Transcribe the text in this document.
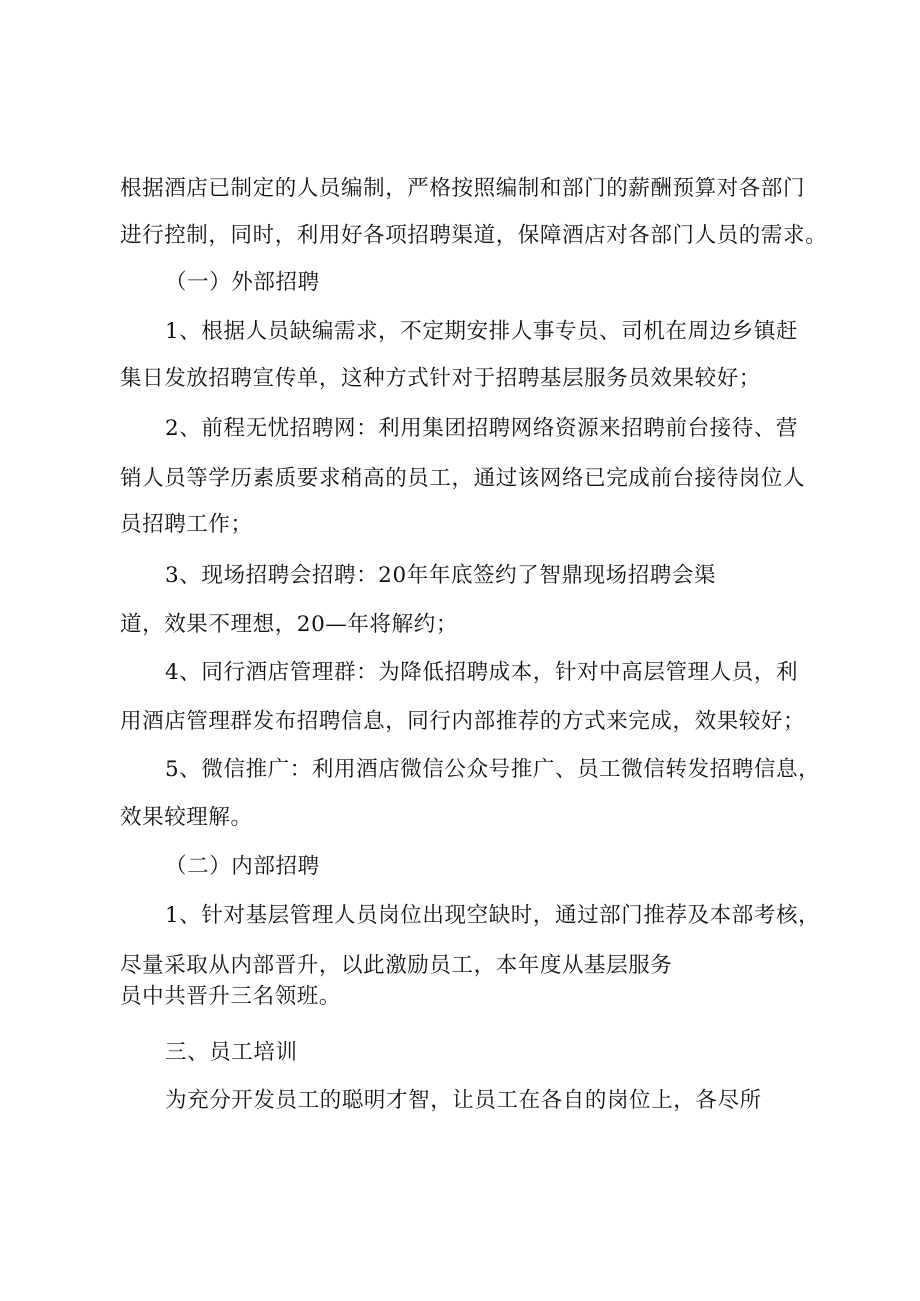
根据酒店已制定的人员编制，严格按照编制和部门的薪酬预算对各部门
进行控制，同时，利用好各项招聘渠道，保障酒店对各部门人员的需求。
（一）外部招聘
1、根据人员缺编需求，不定期安排人事专员、司机在周边乡镇赶
集日发放招聘宣传单，这种方式针对于招聘基层服务员效果较好；
2、前程无忧招聘网：利用集团招聘网络资源来招聘前台接待、营
销人员等学历素质要求稍高的员工，通过该网络已完成前台接待岗位人
员招聘工作；
3、现场招聘会招聘：20年年底签约了智鼎现场招聘会渠
道，效果不理想，20—年将解约；
4、同行酒店管理群：为降低招聘成本，针对中高层管理人员，利
用酒店管理群发布招聘信息，同行内部推荐的方式来完成，效果较好；
5、微信推广：利用酒店微信公众号推广、员工微信转发招聘信息，
效果较理解。
（二）内部招聘
1、针对基层管理人员岗位出现空缺时，通过部门推荐及本部考核，
尽量采取从内部晋升，以此激励员工，本年度从基层服务
员中共晋升三名领班。
三、员工培训
为充分开发员工的聪明才智，让员工在各自的岗位上，各尽所
